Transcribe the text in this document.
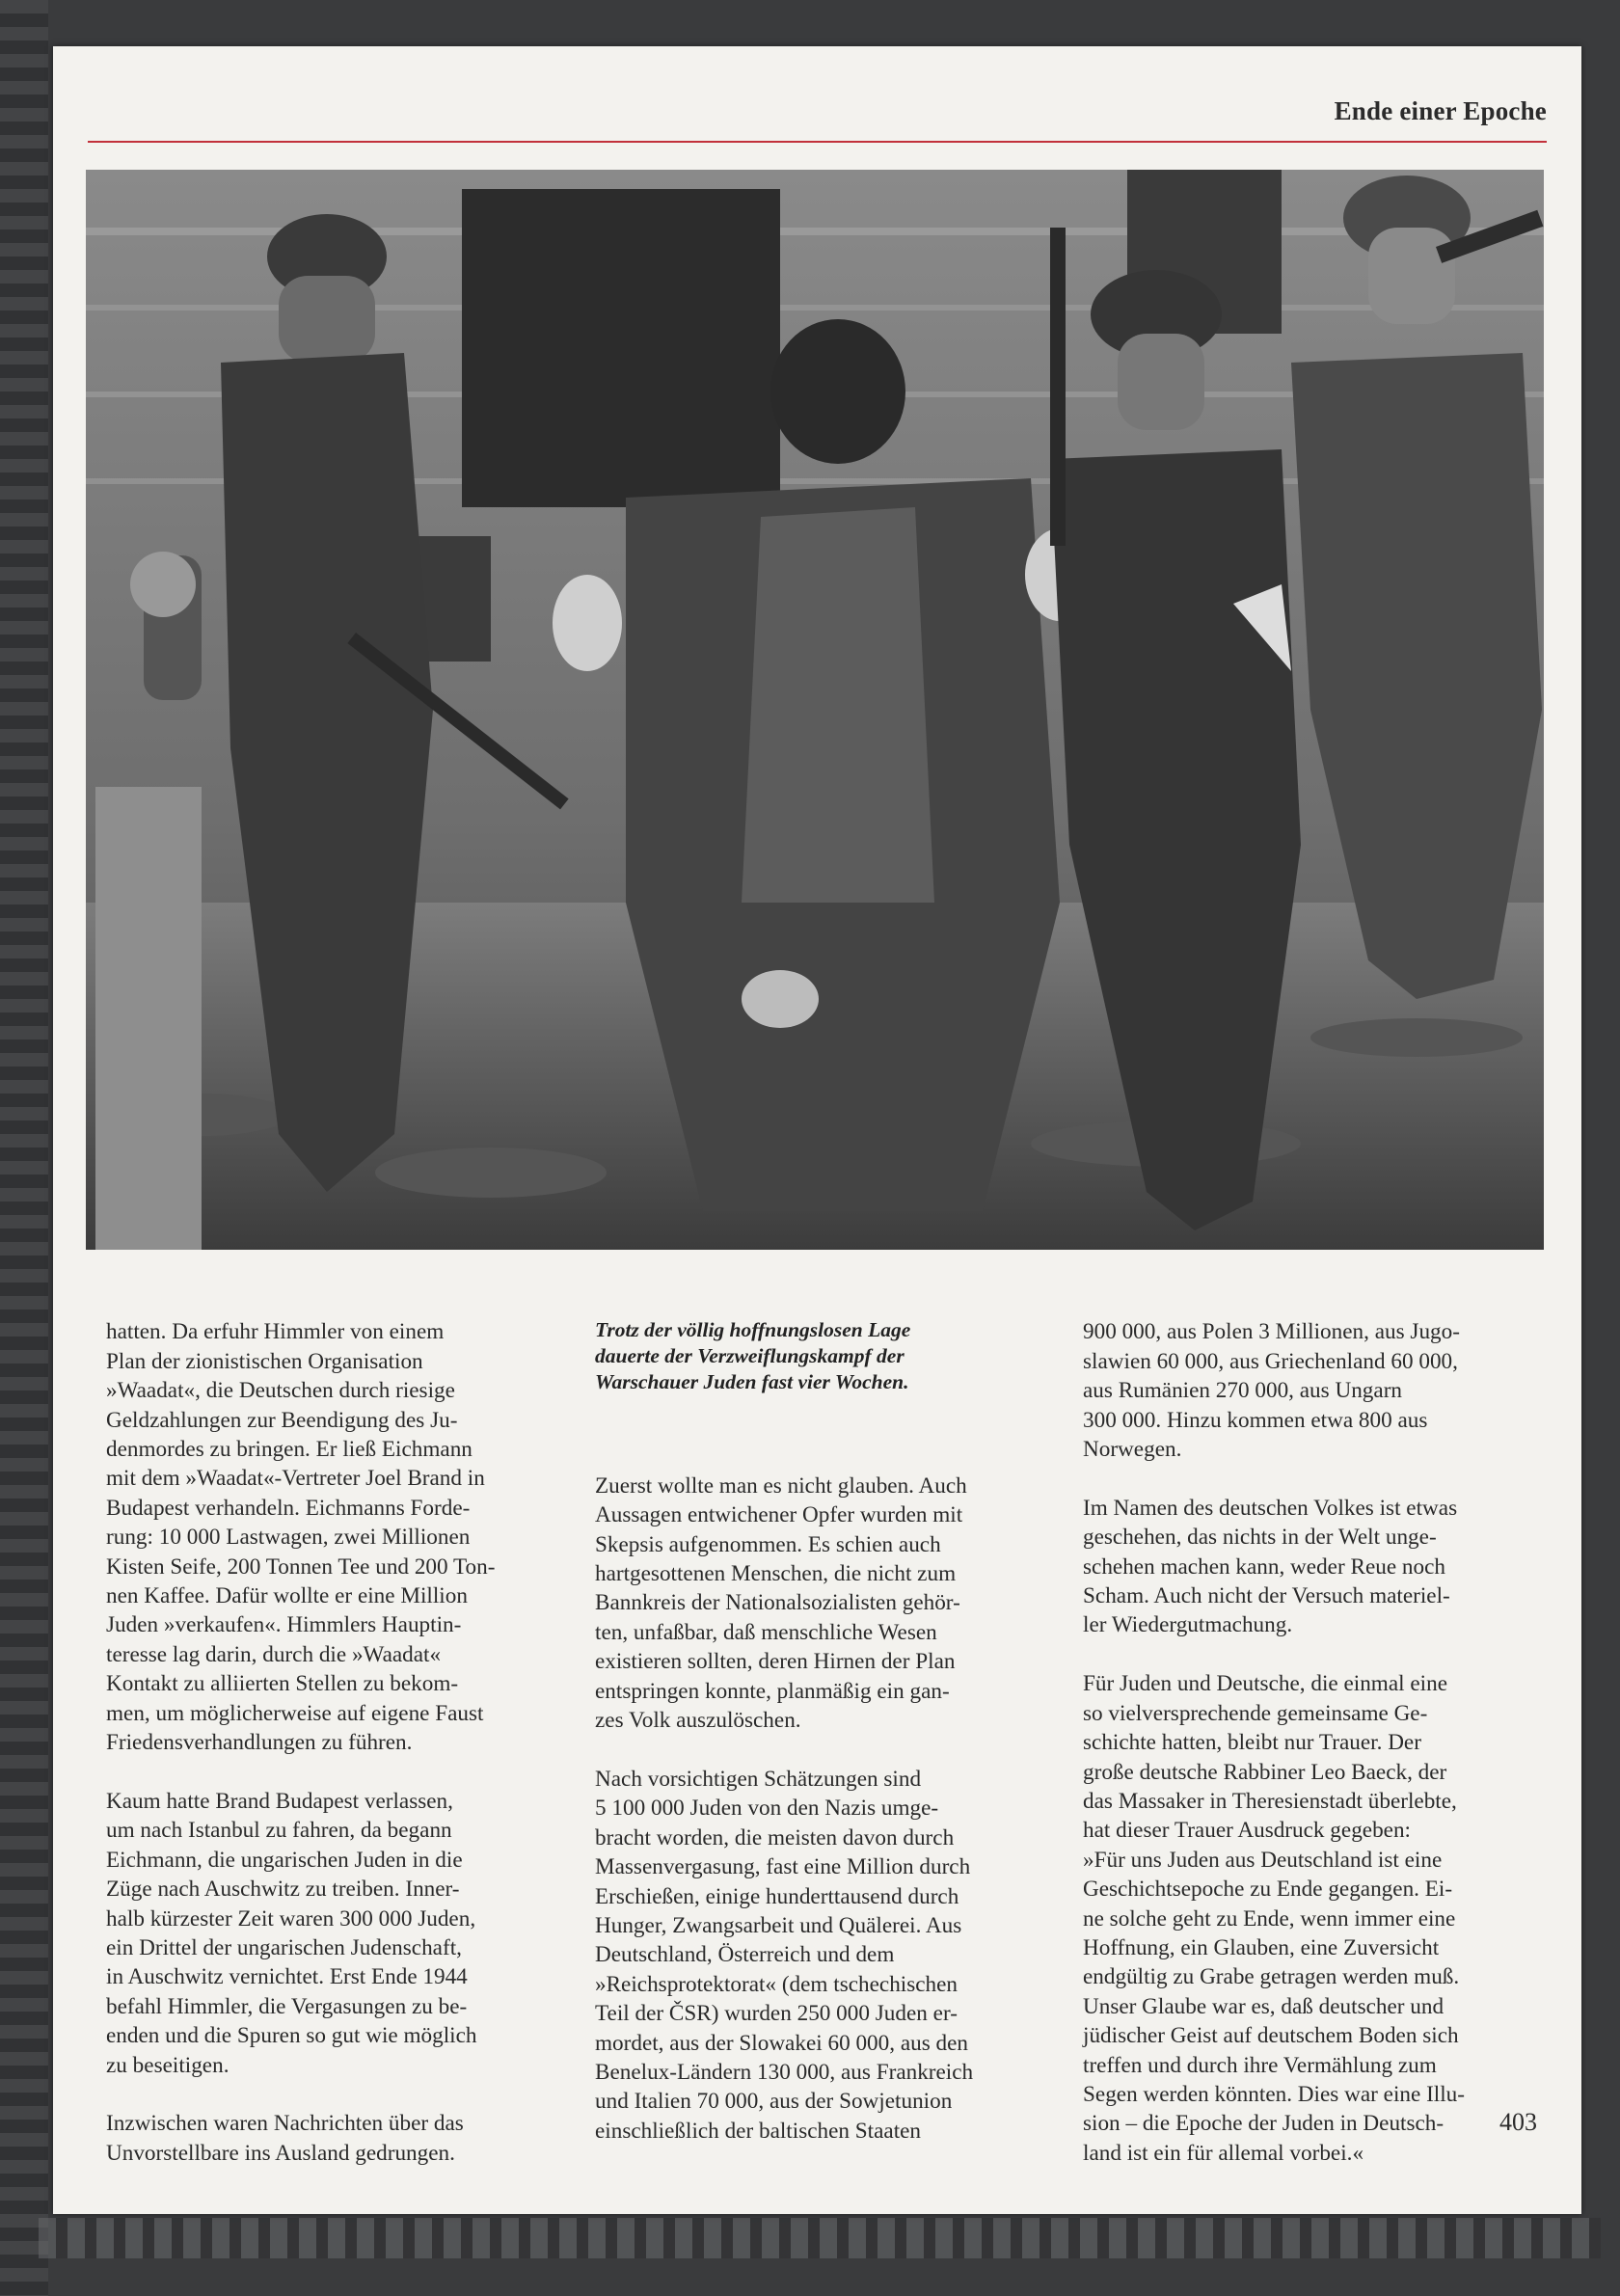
Ende einer Epoche

hatten. Da erfuhr Himmler von einem
Plan der zionistischen Organisation
»Waadat«, die Deutschen durch riesige
Geldzahlungen zur Beendigung des Ju-
denmordes zu bringen. Er ließ Eichmann
mit dem »Waadat«-Vertreter Joel Brand in
Budapest verhandeln. Eichmanns Forde-
rung: 10 000 Lastwagen, zwei Millionen
Kisten Seife, 200 Tonnen Tee und 200 Ton-
nen Kaffee. Dafür wollte er eine Million
Juden »verkaufen«. Himmlers Hauptin-
teresse lag darin, durch die »Waadat«
Kontakt zu alliierten Stellen zu bekom-
men, um möglicherweise auf eigene Faust
Friedensverhandlungen zu führen.

Kaum hatte Brand Budapest verlassen,
um nach Istanbul zu fahren, da begann
Eichmann, die ungarischen Juden in die
Züge nach Auschwitz zu treiben. Inner-
halb kürzester Zeit waren 300 000 Juden,
ein Drittel der ungarischen Judenschaft,
in Auschwitz vernichtet. Erst Ende 1944
befahl Himmler, die Vergasungen zu be-
enden und die Spuren so gut wie möglich
zu beseitigen.

Inzwischen waren Nachrichten über das
Unvorstellbare ins Ausland gedrungen.

Trotz der völlig hoffnungslosen Lage
dauerte der Verzweiflungskampf der
Warschauer Juden fast vier Wochen.

Zuerst wollte man es nicht glauben. Auch
Aussagen entwichener Opfer wurden mit
Skepsis aufgenommen. Es schien auch
hartgesottenen Menschen, die nicht zum
Bannkreis der Nationalsozialisten gehör-
ten, unfaßbar, daß menschliche Wesen
existieren sollten, deren Hirnen der Plan
entspringen konnte, planmäßig ein gan-
zes Volk auszulöschen.

Nach vorsichtigen Schätzungen sind
5 100 000 Juden von den Nazis umge-
bracht worden, die meisten davon durch
Massenvergasung, fast eine Million durch
Erschießen, einige hunderttausend durch
Hunger, Zwangsarbeit und Quälerei. Aus
Deutschland, Österreich und dem
»Reichsprotektorat« (dem tschechischen
Teil der ČSR) wurden 250 000 Juden er-
mordet, aus der Slowakei 60 000, aus den
Benelux-Ländern 130 000, aus Frankreich
und Italien 70 000, aus der Sowjetunion
einschließlich der baltischen Staaten

900 000, aus Polen 3 Millionen, aus Jugo-
slawien 60 000, aus Griechenland 60 000,
aus Rumänien 270 000, aus Ungarn
300 000. Hinzu kommen etwa 800 aus
Norwegen.

Im Namen des deutschen Volkes ist etwas
geschehen, das nichts in der Welt unge-
schehen machen kann, weder Reue noch
Scham. Auch nicht der Versuch materiel-
ler Wiedergutmachung.

Für Juden und Deutsche, die einmal eine
so vielversprechende gemeinsame Ge-
schichte hatten, bleibt nur Trauer. Der
große deutsche Rabbiner Leo Baeck, der
das Massaker in Theresienstadt überlebte,
hat dieser Trauer Ausdruck gegeben:
»Für uns Juden aus Deutschland ist eine
Geschichtsepoche zu Ende gegangen. Ei-
ne solche geht zu Ende, wenn immer eine
Hoffnung, ein Glauben, eine Zuversicht
endgültig zu Grabe getragen werden muß.
Unser Glaube war es, daß deutscher und
jüdischer Geist auf deutschem Boden sich
treffen und durch ihre Vermählung zum
Segen werden könnten. Dies war eine Illu-
sion – die Epoche der Juden in Deutsch-
land ist ein für allemal vorbei.«

403
